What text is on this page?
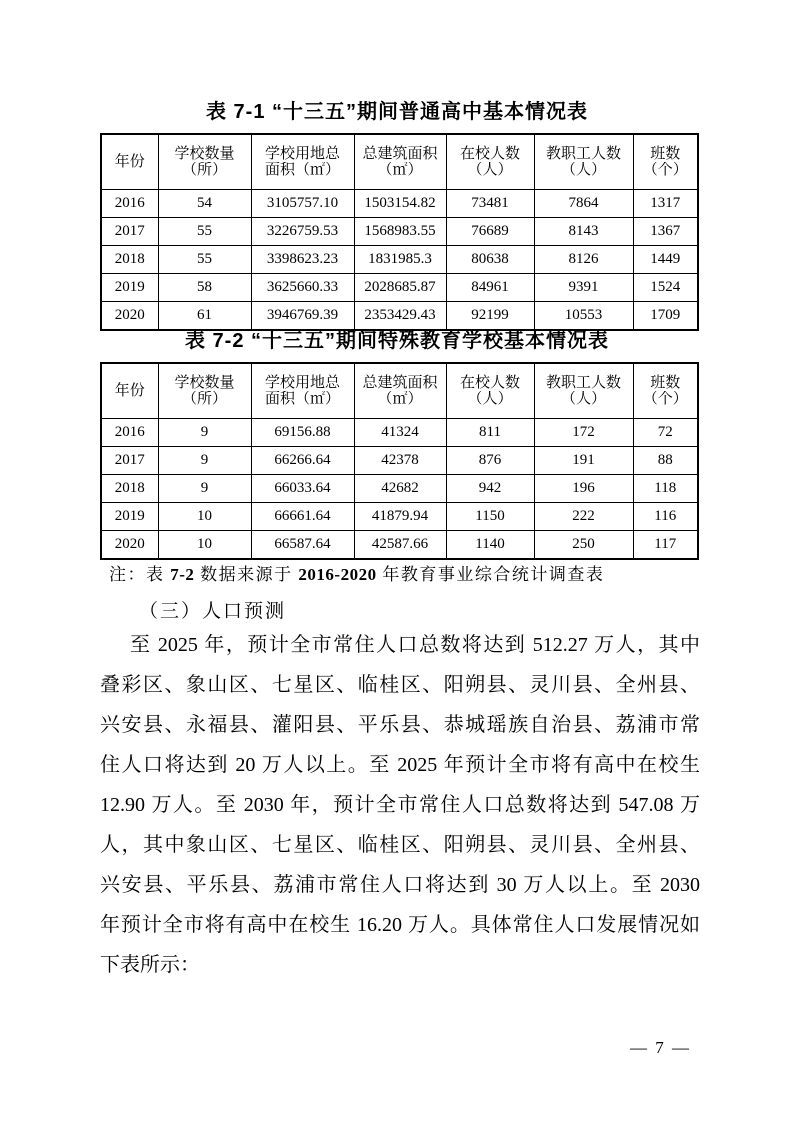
表 7-1 “十三五”期间普通高中基本情况表
年份	学校数量	学校用地总	总建筑面积	在校人数	教职工人数	班数
	（所）	面积（㎡）	（㎡）	（人）	（人）	（个）
2016	54	3105757.10	1503154.82	73481	7864	1317
2017	55	3226759.53	1568983.55	76689	8143	1367
2018	55	3398623.23	1831985.3	80638	8126	1449
2019	58	3625660.33	2028685.87	84961	9391	1524
2020	61	3946769.39	2353429.43	92199	10553	1709
表 7-2 “十三五”期间特殊教育学校基本情况表
年份	学校数量	学校用地总	总建筑面积	在校人数	教职工人数	班数
	（所）	面积（㎡）	（㎡）	（人）	（人）	（个）
2016	9	69156.88	41324	811	172	72
2017	9	66266.64	42378	876	191	88
2018	9	66033.64	42682	942	196	118
2019	10	66661.64	41879.94	1150	222	116
2020	10	66587.64	42587.66	1140	250	117
注：表 7-2 数据来源于 2016-2020 年教育事业综合统计调查表
（三）人口预测
至 2025 年，预计全市常住人口总数将达到 512.27 万人，其中
叠彩区、象山区、七星区、临桂区、阳朔县、灵川县、全州县、
兴安县、永福县、灌阳县、平乐县、恭城瑶族自治县、荔浦市常
住人口将达到 20 万人以上。至 2025 年预计全市将有高中在校生
12.90 万人。至 2030 年，预计全市常住人口总数将达到 547.08 万
人，其中象山区、七星区、临桂区、阳朔县、灵川县、全州县、
兴安县、平乐县、荔浦市常住人口将达到 30 万人以上。至 2030
年预计全市将有高中在校生 16.20 万人。具体常住人口发展情况如
下表所示：
— 7 —
